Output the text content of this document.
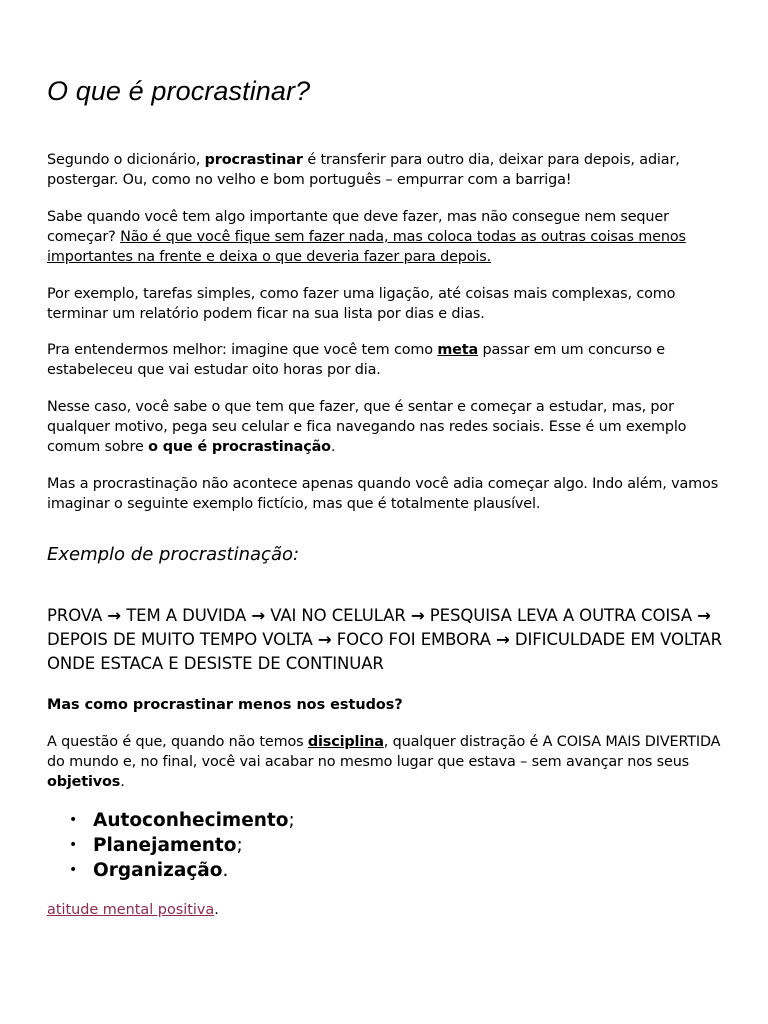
O que é procrastinar?

Segundo o dicionário, procrastinar é transferir para outro dia, deixar para depois, adiar, postergar. Ou, como no velho e bom português – empurrar com a barriga!

Sabe quando você tem algo importante que deve fazer, mas não consegue nem sequer começar? Não é que você fique sem fazer nada, mas coloca todas as outras coisas menos importantes na frente e deixa o que deveria fazer para depois.

Por exemplo, tarefas simples, como fazer uma ligação, até coisas mais complexas, como terminar um relatório podem ficar na sua lista por dias e dias.

Pra entendermos melhor: imagine que você tem como meta passar em um concurso e estabeleceu que vai estudar oito horas por dia.

Nesse caso, você sabe o que tem que fazer, que é sentar e começar a estudar, mas, por qualquer motivo, pega seu celular e fica navegando nas redes sociais. Esse é um exemplo comum sobre o que é procrastinação.

Mas a procrastinação não acontece apenas quando você adia começar algo. Indo além, vamos imaginar o seguinte exemplo fictício, mas que é totalmente plausível.

Exemplo de procrastinação:

PROVA → TEM A DUVIDA → VAI NO CELULAR → PESQUISA LEVA A OUTRA COISA → DEPOIS DE MUITO TEMPO VOLTA → FOCO FOI EMBORA → DIFICULDADE EM VOLTAR ONDE ESTACA E DESISTE DE CONTINUAR

Mas como procrastinar menos nos estudos?

A questão é que, quando não temos disciplina, qualquer distração é A COISA MAIS DIVERTIDA do mundo e, no final, você vai acabar no mesmo lugar que estava – sem avançar nos seus objetivos.

• Autoconhecimento;
• Planejamento;
• Organização.

atitude mental positiva.
